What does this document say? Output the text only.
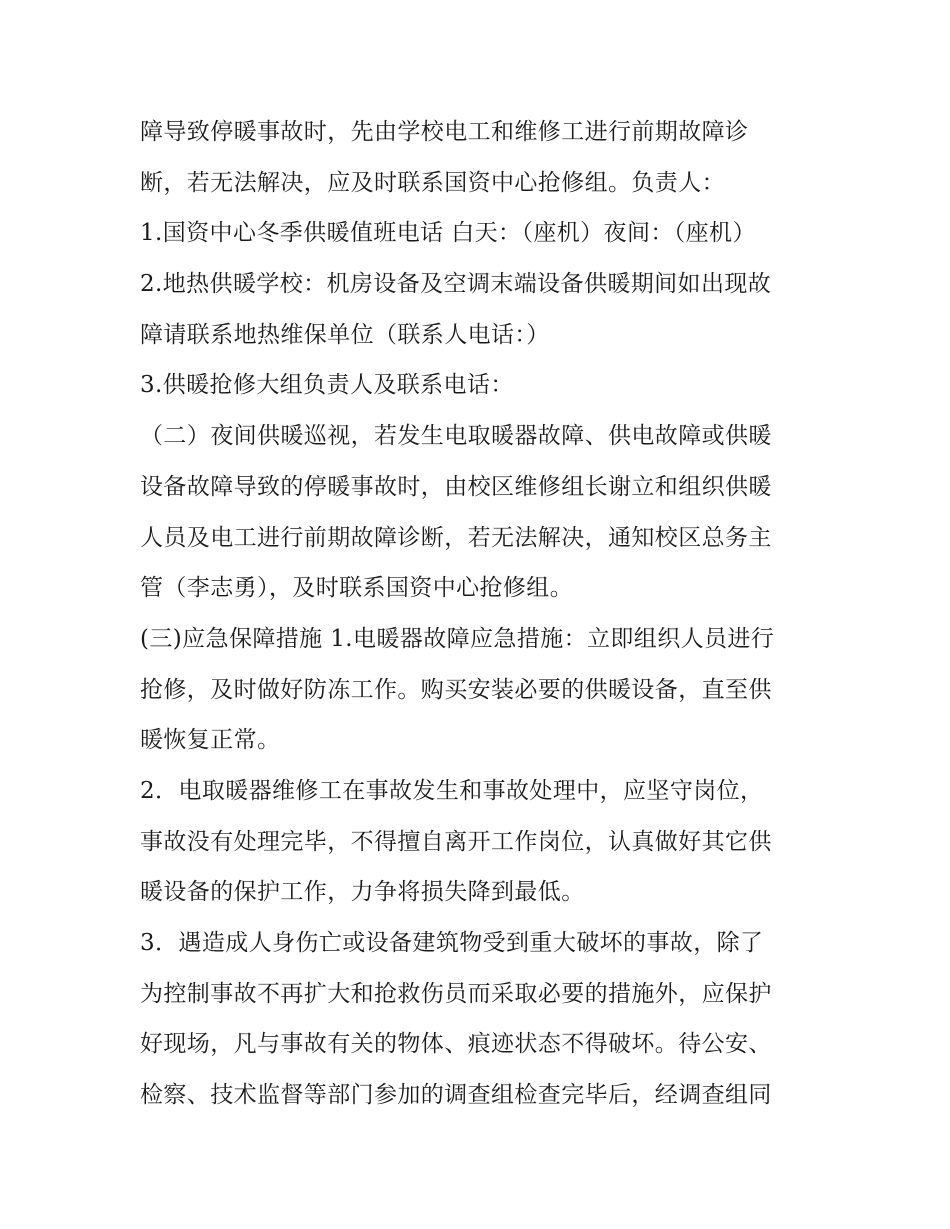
障导致停暖事故时，先由学校电工和维修工进行前期故障诊
断，若无法解决，应及时联系国资中心抢修组。负责人：
1.国资中心冬季供暖值班电话 白天：（座机）夜间：（座机）
2.地热供暖学校：机房设备及空调末端设备供暖期间如出现故
障请联系地热维保单位（联系人电话：）
3.供暖抢修大组负责人及联系电话：
（二）夜间供暖巡视，若发生电取暖器故障、供电故障或供暖
设备故障导致的停暖事故时，由校区维修组长谢立和组织供暖
人员及电工进行前期故障诊断，若无法解决，通知校区总务主
管（李志勇），及时联系国资中心抢修组。
(三)应急保障措施 1.电暖器故障应急措施：立即组织人员进行
抢修，及时做好防冻工作。购买安装必要的供暖设备，直至供
暖恢复正常。
2．电取暖器维修工在事故发生和事故处理中，应坚守岗位，
事故没有处理完毕，不得擅自离开工作岗位，认真做好其它供
暖设备的保护工作，力争将损失降到最低。
3．遇造成人身伤亡或设备建筑物受到重大破坏的事故，除了
为控制事故不再扩大和抢救伤员而采取必要的措施外，应保护
好现场，凡与事故有关的物体、痕迹状态不得破坏。待公安、
检察、技术监督等部门参加的调查组检查完毕后，经调查组同
